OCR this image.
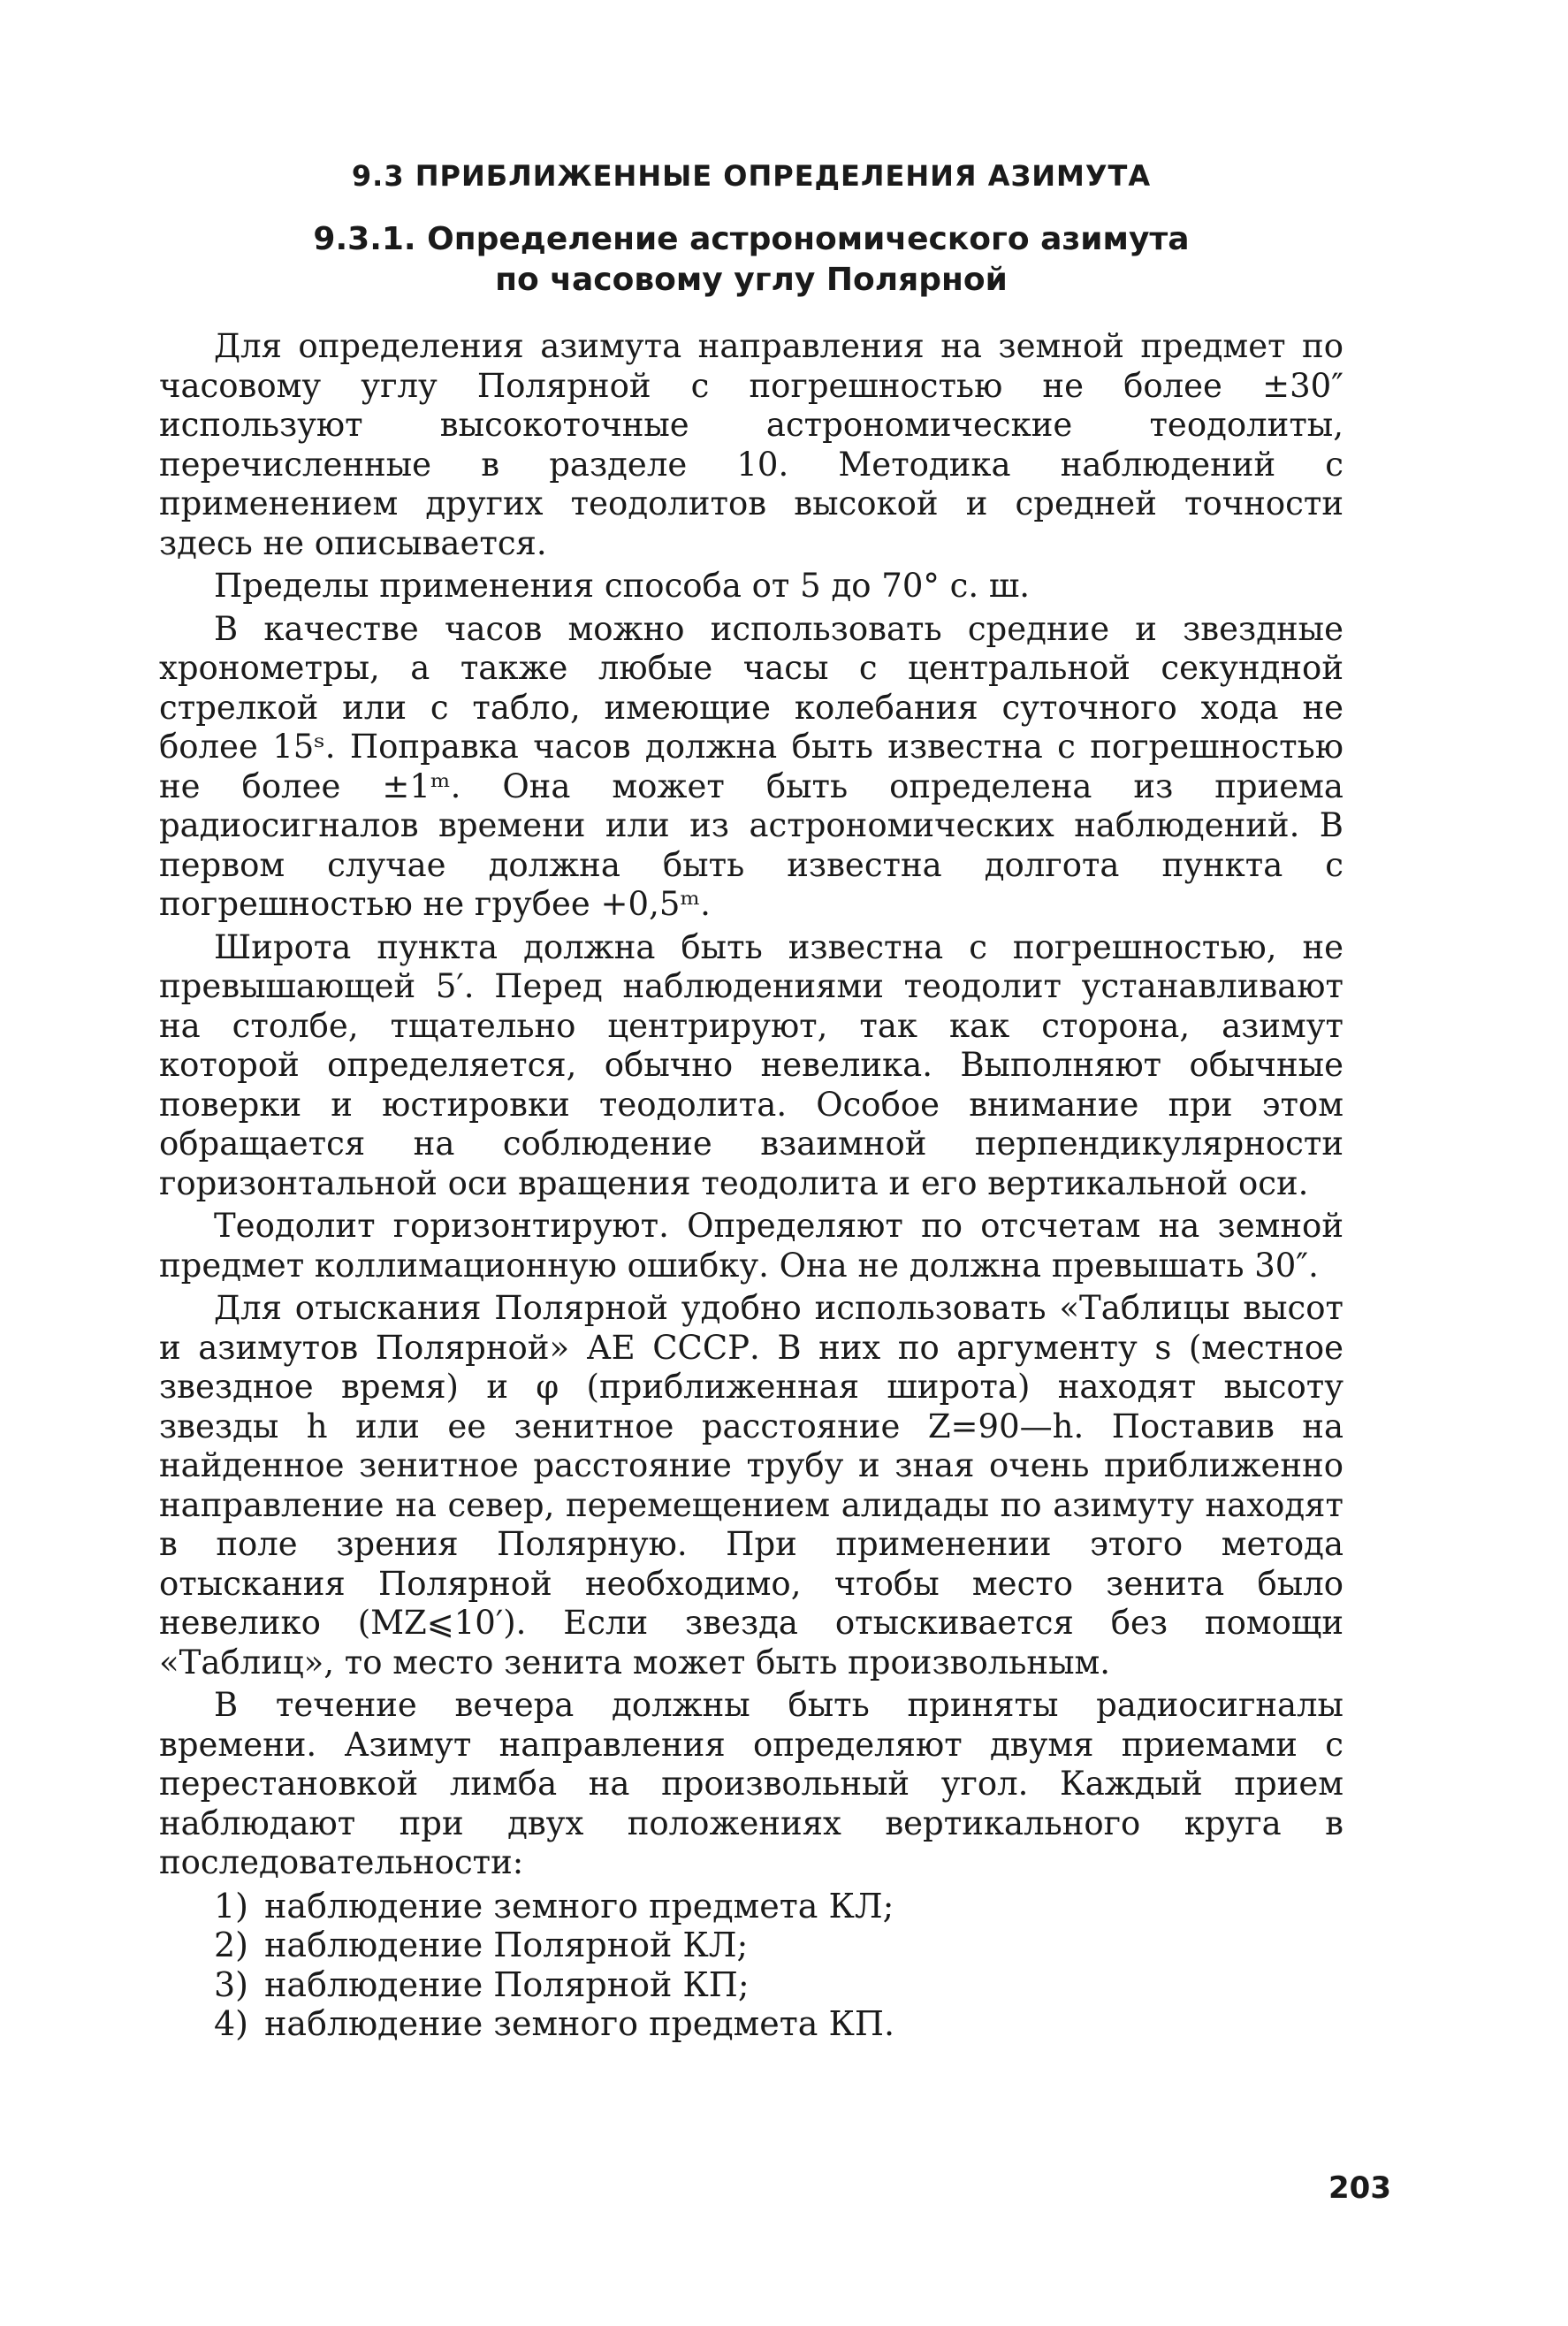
9.3 ПРИБЛИЖЕННЫЕ ОПРЕДЕЛЕНИЯ АЗИМУТА
9.3.1. Определение астрономического азимута
по часовому углу Полярной

Для определения азимута направления на земной предмет по часовому углу Полярной с погрешностью не более ±30″ используют высокоточные астрономические теодолиты, перечисленные в разделе 10. Методика наблюдений с применением других теодолитов высокой и средней точности здесь не описывается.

Пределы применения способа от 5 до 70° с. ш.

В качестве часов можно использовать средние и звездные хронометры, а также любые часы с центральной секундной стрелкой или с табло, имеющие колебания суточного хода не более 15ˢ. Поправка часов должна быть известна с погрешностью не более ±1ᵐ. Она может быть определена из приема радиосигналов времени или из астрономических наблюдений. В первом случае должна быть известна долгота пункта с погрешностью не грубее +0,5ᵐ.

Широта пункта должна быть известна с погрешностью, не превышающей 5′. Перед наблюдениями теодолит устанавливают на столбе, тщательно центрируют, так как сторона, азимут которой определяется, обычно невелика. Выполняют обычные поверки и юстировки теодолита. Особое внимание при этом обращается на соблюдение взаимной перпендикулярности горизонтальной оси вращения теодолита и его вертикальной оси.

Теодолит горизонтируют. Определяют по отсчетам на земной предмет коллимационную ошибку. Она не должна превышать 30″.

Для отыскания Полярной удобно использовать «Таблицы высот и азимутов Полярной» АЕ СССР. В них по аргументу s (местное звездное время) и φ (приближенная широта) находят высоту звезды h или ее зенитное расстояние Z=90—h. Поставив на найденное зенитное расстояние трубу и зная очень приближенно направление на север, перемещением алидады по азимуту находят в поле зрения Полярную. При применении этого метода отыскания Полярной необходимо, чтобы место зенита было невелико (MZ⩽10′). Если звезда отыскивается без помощи «Таблиц», то место зенита может быть произвольным.

В течение вечера должны быть приняты радиосигналы времени. Азимут направления определяют двумя приемами с перестановкой лимба на произвольный угол. Каждый прием наблюдают при двух положениях вертикального круга в последовательности:

1) наблюдение земного предмета КЛ;
2) наблюдение Полярной КЛ;
3) наблюдение Полярной КП;
4) наблюдение земного предмета КП.
203
